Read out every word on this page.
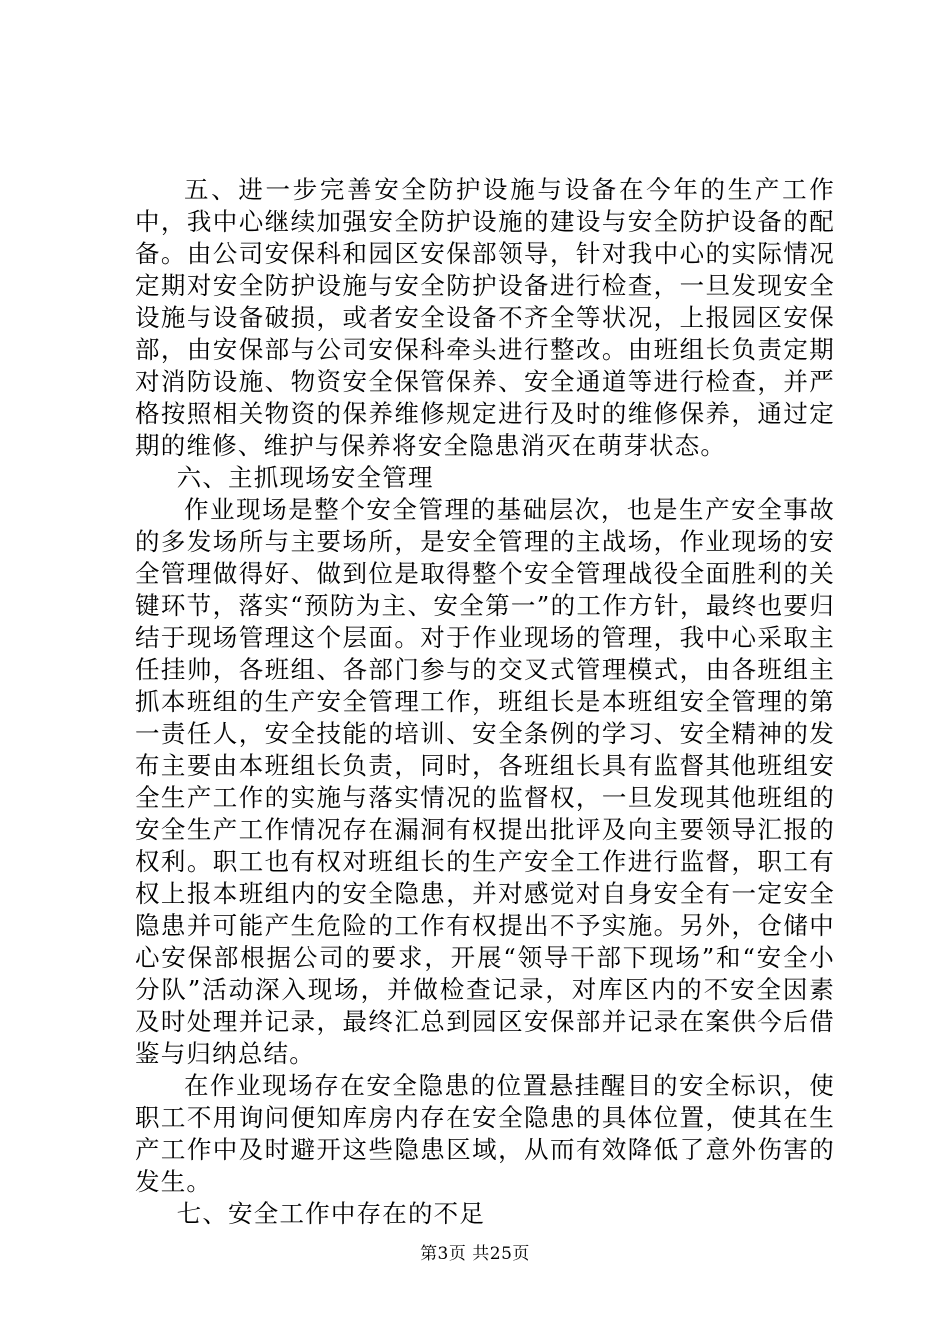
五、进一步完善安全防护设施与设备在今年的生产工作中，我中心继续加强安全防护设施的建设与安全防护设备的配备。由公司安保科和园区安保部领导，针对我中心的实际情况定期对安全防护设施与安全防护设备进行检查，一旦发现安全设施与设备破损，或者安全设备不齐全等状况，上报园区安保部，由安保部与公司安保科牵头进行整改。由班组长负责定期对消防设施、物资安全保管保养、安全通道等进行检查，并严格按照相关物资的保养维修规定进行及时的维修保养，通过定期的维修、维护与保养将安全隐患消灭在萌芽状态。

六、主抓现场安全管理

作业现场是整个安全管理的基础层次，也是生产安全事故的多发场所与主要场所，是安全管理的主战场，作业现场的安全管理做得好、做到位是取得整个安全管理战役全面胜利的关键环节，落实“预防为主、安全第一”的工作方针，最终也要归结于现场管理这个层面。对于作业现场的管理，我中心采取主任挂帅，各班组、各部门参与的交叉式管理模式，由各班组主抓本班组的生产安全管理工作，班组长是本班组安全管理的第一责任人，安全技能的培训、安全条例的学习、安全精神的发布主要由本班组长负责，同时，各班组长具有监督其他班组安全生产工作的实施与落实情况的监督权，一旦发现其他班组的安全生产工作情况存在漏洞有权提出批评及向主要领导汇报的权利。职工也有权对班组长的生产安全工作进行监督，职工有权上报本班组内的安全隐患，并对感觉对自身安全有一定安全隐患并可能产生危险的工作有权提出不予实施。另外，仓储中心安保部根据公司的要求，开展“领导干部下现场”和“安全小分队”活动深入现场，并做检查记录，对库区内的不安全因素及时处理并记录，最终汇总到园区安保部并记录在案供今后借鉴与归纳总结。

在作业现场存在安全隐患的位置悬挂醒目的安全标识，使职工不用询问便知库房内存在安全隐患的具体位置，使其在生产工作中及时避开这些隐患区域，从而有效降低了意外伤害的发生。

七、安全工作中存在的不足

第3页 共25页
